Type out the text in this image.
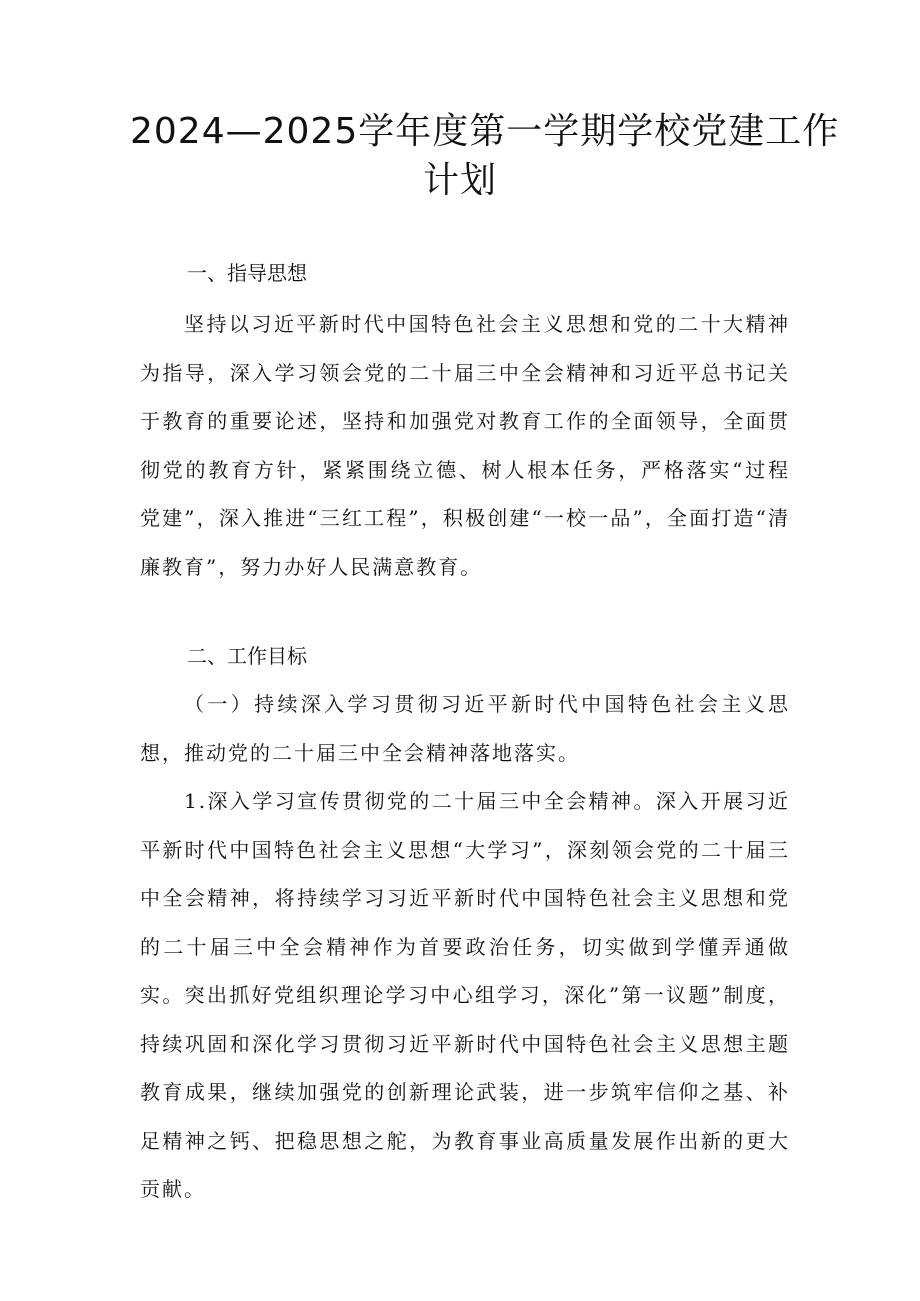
2024—2025学年度第一学期学校党建工作
计划
一、指导思想

坚持以习近平新时代中国特色社会主义思想和党的二十大精神为指导，深入学习领会党的二十届三中全会精神和习近平总书记关于教育的重要论述，坚持和加强党对教育工作的全面领导，全面贯彻党的教育方针，紧紧围绕立德、树人根本任务，严格落实“过程党建”，深入推进“三红工程”，积极创建“一校一品”，全面打造“清廉教育”，努力办好人民满意教育。

二、工作目标

（一）持续深入学习贯彻习近平新时代中国特色社会主义思想，推动党的二十届三中全会精神落地落实。

1.深入学习宣传贯彻党的二十届三中全会精神。深入开展习近平新时代中国特色社会主义思想“大学习”，深刻领会党的二十届三中全会精神，将持续学习习近平新时代中国特色社会主义思想和党的二十届三中全会精神作为首要政治任务，切实做到学懂弄通做实。突出抓好党组织理论学习中心组学习，深化”第一议题”制度，持续巩固和深化学习贯彻习近平新时代中国特色社会主义思想主题教育成果，继续加强党的创新理论武装，进一步筑牢信仰之基、补足精神之钙、把稳思想之舵，为教育事业高质量发展作出新的更大贡献。
